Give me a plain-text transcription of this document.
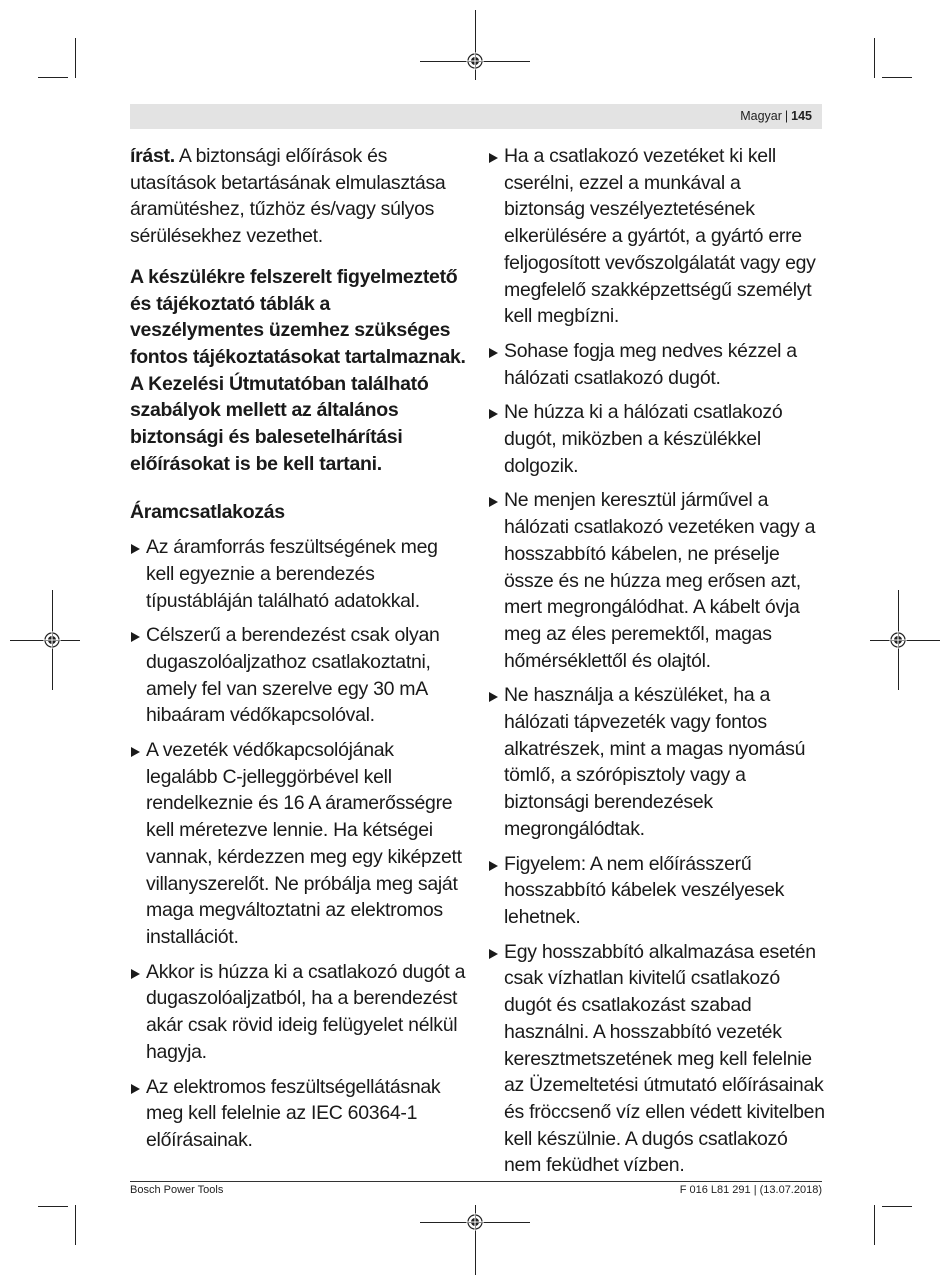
Magyar | 145

írást. A biztonsági előírások és utasítások betartásának elmulasztása áramütéshez, tűzhöz és/vagy súlyos sérülésekhez vezethet.

A készülékre felszerelt figyelmeztető és tájékoztató táblák a veszélymentes üzemhez szükséges fontos tájékoztatásokat tartalmaznak.

A Kezelési Útmutatóban található szabályok mellett az általános biztonsági és balesetelhárítási előírásokat is be kell tartani.

Áramcsatlakozás

Az áramforrás feszültségének meg kell egyeznie a berendezés típustábláján található adatokkal.

Célszerű a berendezést csak olyan dugaszolóaljzathoz csatlakoztatni, amely fel van szerelve egy 30 mA hibaáram védőkapcsolóval.

A vezeték védőkapcsolójának legalább C-jelleggörbével kell rendelkeznie és 16 A áramerősségre kell méretezve lennie. Ha kétségei vannak, kérdezzen meg egy kiképzett villanyszerelőt. Ne próbálja meg saját maga megváltoztatni az elektromos installációt.

Akkor is húzza ki a csatlakozó dugót a dugaszolóaljzatból, ha a berendezést akár csak rövid ideig felügyelet nélkül hagyja.

Az elektromos feszültségellátásnak meg kell felelnie az IEC 60364-1 előírásainak.

Ha a csatlakozó vezetéket ki kell cserélni, ezzel a munkával a biztonság veszélyeztetésének elkerülésére a gyártót, a gyártó erre feljogosított vevőszolgálatát vagy egy megfelelő szakképzettségű személyt kell megbízni.

Sohase fogja meg nedves kézzel a hálózati csatlakozó dugót.

Ne húzza ki a hálózati csatlakozó dugót, miközben a készülékkel dolgozik.

Ne menjen keresztül járművel a hálózati csatlakozó vezetéken vagy a hosszabbító kábelen, ne préselje össze és ne húzza meg erősen azt, mert megrongálódhat. A kábelt óvja meg az éles peremektől, magas hőmérséklettől és olajtól.

Ne használja a készüléket, ha a hálózati tápvezeték vagy fontos alkatrészek, mint a magas nyomású tömlő, a szórópisztoly vagy a biztonsági berendezések megrongálódtak.

Figyelem: A nem előírásszerű hosszabbító kábelek veszélyesek lehetnek.

Egy hosszabbító alkalmazása esetén csak vízhatlan kivitelű csatlakozó dugót és csatlakozást szabad használni. A hosszabbító vezeték keresztmetszetének meg kell felelnie az Üzemeltetési útmutató előírásainak és fröccsenő víz ellen védett kivitelben kell készülnie. A dugós csatlakozó nem feküdhet vízben.

Bosch Power Tools	F 016 L81 291 | (13.07.2018)
